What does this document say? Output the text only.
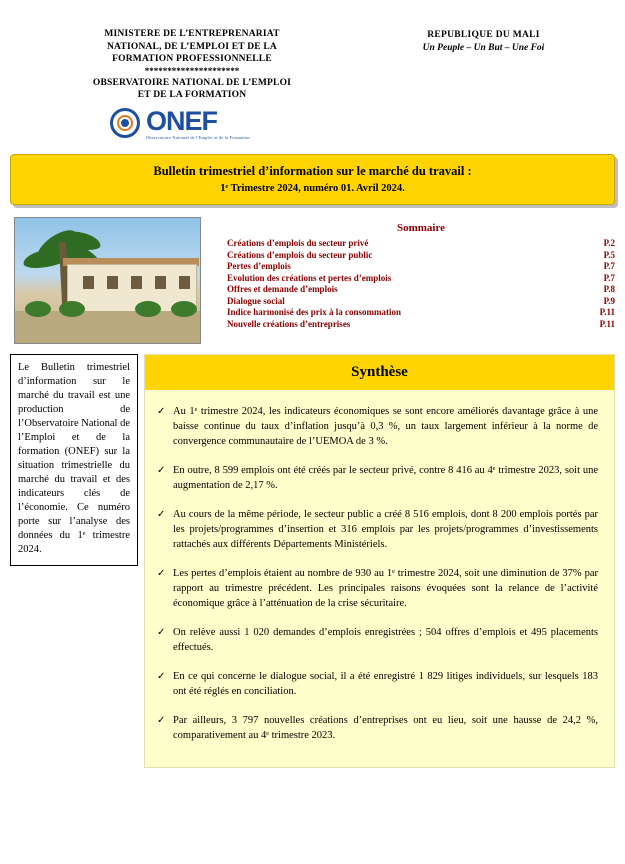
MINISTERE DE L’ENTREPRENARIAT
NATIONAL, DE L’EMPLOI ET DE LA
FORMATION PROFESSIONNELLE
*********************
OBSERVATOIRE NATIONAL DE L’EMPLOI
ET DE LA FORMATION
REPUBLIQUE DU MALI
Un Peuple – Un But – Une Foi
ONEF
Observatoire National de l'Emploi et de la Formation
Bulletin trimestriel d’information sur le marché du travail :
1ᵉ Trimestre 2024, numéro 01. Avril 2024.
Sommaire
Créations d’emplois du secteur privé	P.2
Créations d’emplois du secteur public	P.5
Pertes d’emplois	P.7
Evolution des créations et pertes d’emplois	P.7
Offres et demande d’emplois	P.8
Dialogue social	P.9
Indice harmonisé des prix à la consommation	P.11
Nouvelle créations d’entreprises	P.11
Le Bulletin trimestriel d’information sur le marché du travail est une production de l’Observatoire National de l’Emploi et de la formation (ONEF) sur la situation trimestrielle du marché du travail et des indicateurs clés de l’économie. Ce numéro porte sur l’analyse des données du 1ᵉ trimestre 2024.
Synthèse
✓ Au 1ᵉ trimestre 2024, les indicateurs économiques se sont encore améliorés davantage grâce à une baisse continue du taux d’inflation jusqu’à 0,3 %, un taux largement inférieur à la norme de convergence communautaire de l’UEMOA de 3 %.
✓ En outre, 8 599 emplois ont été créés par le secteur privé, contre 8 416 au 4ᵉ trimestre 2023, soit une augmentation de 2,17 %.
✓ Au cours de la même période, le secteur public a créé 8 516 emplois, dont 8 200 emplois portés par les projets/programmes d’insertion et 316 emplois par les projets/programmes d’investissements rattachés aux différents Départements Ministériels.
✓ Les pertes d’emplois étaient au nombre de 930 au 1ᵉ trimestre 2024, soit une diminution de 37% par rapport au trimestre précédent. Les principales raisons évoquées sont la relance de l’activité économique grâce à l’atténuation de la crise sécuritaire.
✓ On relève aussi 1 020 demandes d’emplois enregistrées ; 504 offres d’emplois et 495 placements effectués.
✓ En ce qui concerne le dialogue social, il a été enregistré 1 829 litiges individuels, sur lesquels 183 ont été réglés en conciliation.
✓ Par ailleurs, 3 797 nouvelles créations d’entreprises ont eu lieu, soit une hausse de 24,2 %, comparativement au 4ᵉ trimestre 2023.
